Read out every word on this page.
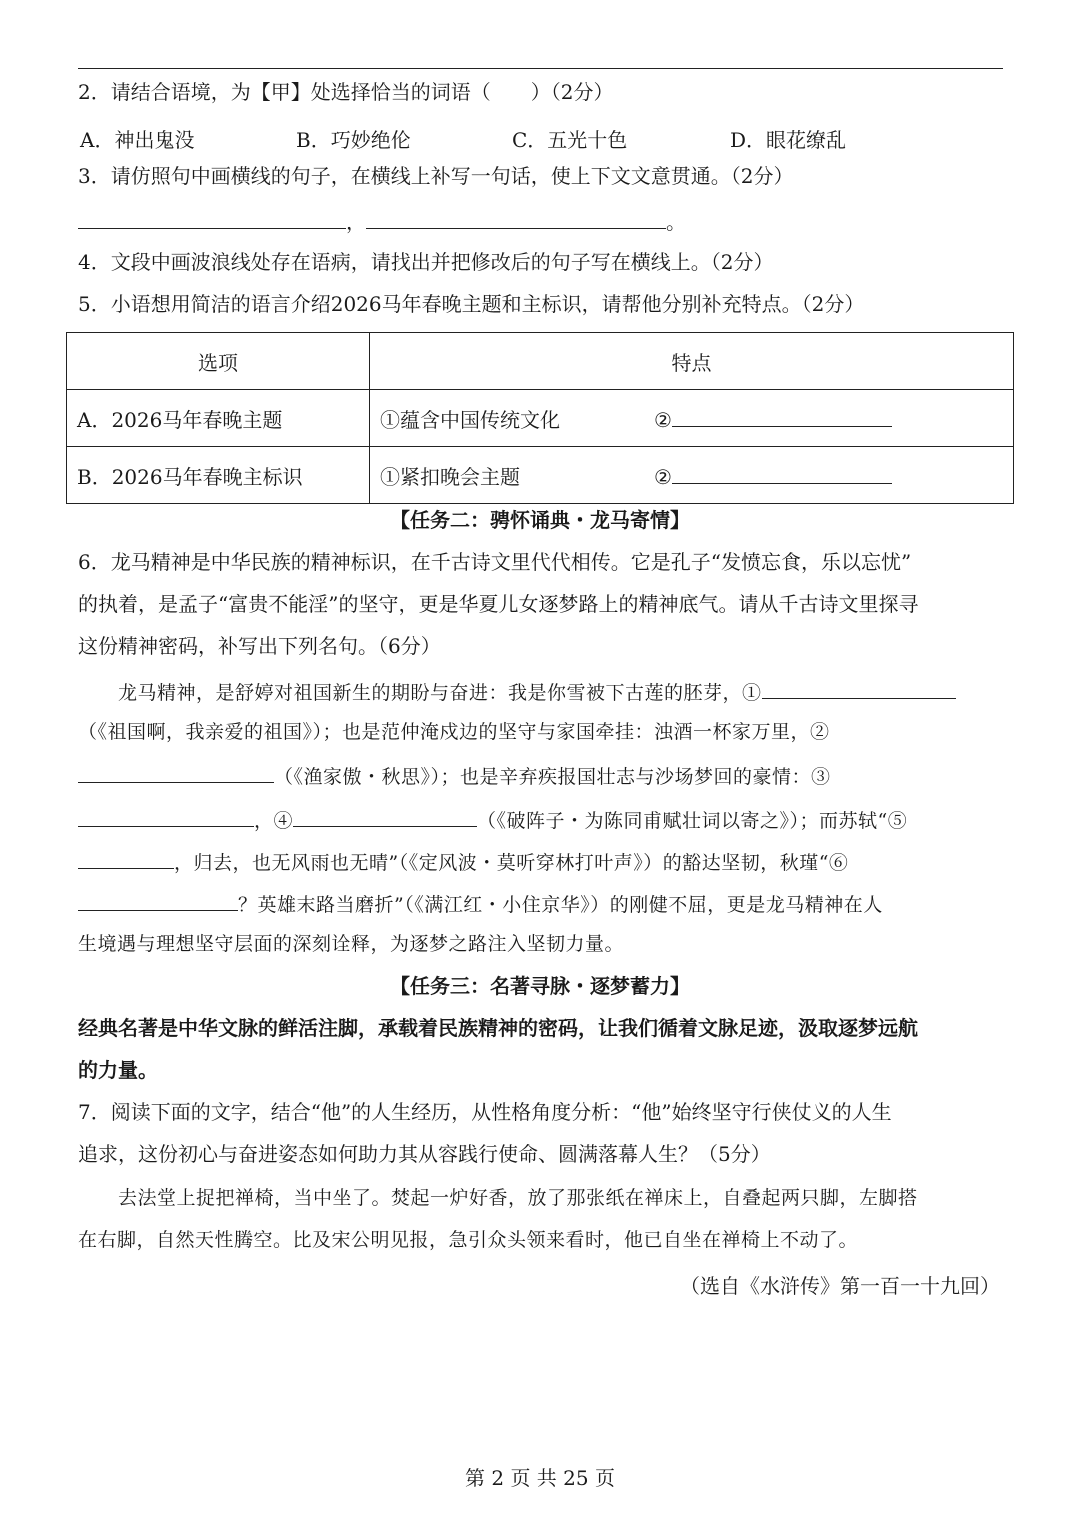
2．请结合语境，为【甲】处选择恰当的词语（　　）（2分）
A．神出鬼没	B．巧妙绝伦	C．五光十色	D．眼花缭乱
3．请仿照句中画横线的句子，在横线上补写一句话，使上下文文意贯通。（2分）
，	。
4．文段中画波浪线处存在语病，请找出并把修改后的句子写在横线上。（2分）
5．小语想用简洁的语言介绍2026马年春晚主题和主标识，请帮他分别补充特点。（2分）
选项	特点
A．2026马年春晚主题	①蕴含中国传统文化 ②
B．2026马年春晚主标识	①紧扣晚会主题 ②
【任务二：骋怀诵典・龙马寄情】
6．龙马精神是中华民族的精神标识，在千古诗文里代代相传。它是孔子“发愤忘食，乐以忘忧”
的执着，是孟子“富贵不能淫”的坚守，更是华夏儿女逐梦路上的精神底气。请从千古诗文里探寻
这份精神密码，补写出下列名句。（6分）
龙马精神，是舒婷对祖国新生的期盼与奋进：我是你雪被下古莲的胚芽，①
（《祖国啊，我亲爱的祖国》）；也是范仲淹戍边的坚守与家国牵挂：浊酒一杯家万里，②
（《渔家傲・秋思》）；也是辛弃疾报国壮志与沙场梦回的豪情：③
，④	（《破阵子・为陈同甫赋壮词以寄之》）；而苏轼“⑤
，归去，也无风雨也无晴”（《定风波・莫听穿林打叶声》）的豁达坚韧，秋瑾“⑥
？英雄末路当磨折”（《满江红・小住京华》）的刚健不屈，更是龙马精神在人
生境遇与理想坚守层面的深刻诠释，为逐梦之路注入坚韧力量。
【任务三：名著寻脉・逐梦蓄力】
经典名著是中华文脉的鲜活注脚，承载着民族精神的密码，让我们循着文脉足迹，汲取逐梦远航
的力量。
7．阅读下面的文字，结合“他”的人生经历，从性格角度分析：“他”始终坚守行侠仗义的人生
追求，这份初心与奋进姿态如何助力其从容践行使命、圆满落幕人生？（5分）
去法堂上捉把禅椅，当中坐了。焚起一炉好香，放了那张纸在禅床上，自叠起两只脚，左脚搭
在右脚，自然天性腾空。比及宋公明见报，急引众头领来看时，他已自坐在禅椅上不动了。
（选自《水浒传》第一百一十九回）
第 2 页 共 25 页
